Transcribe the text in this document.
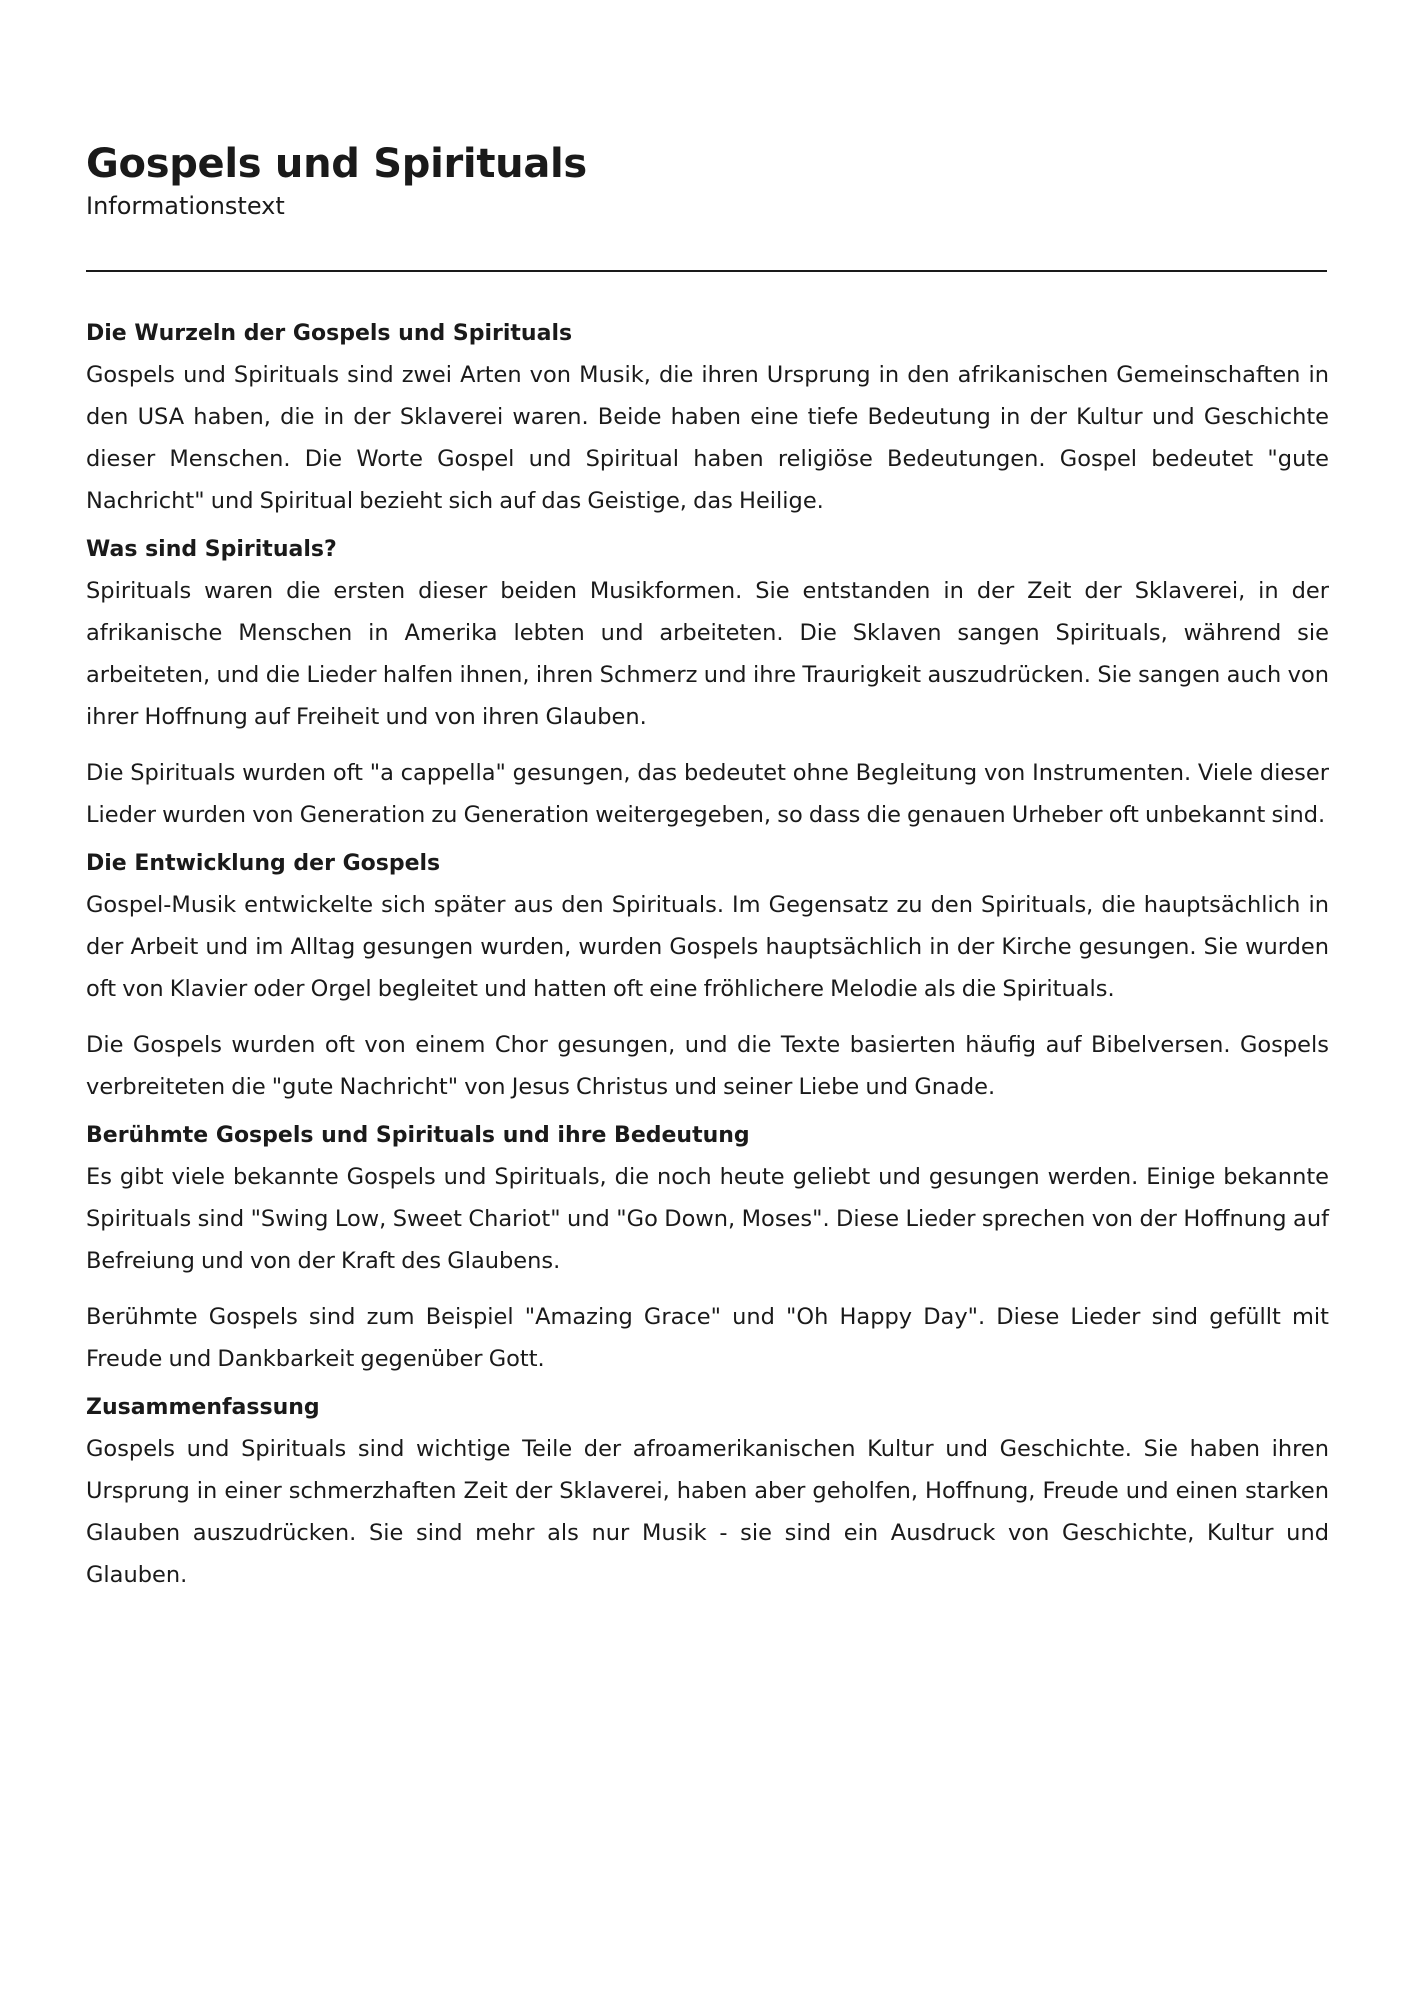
Gospels und Spirituals

Informationstext

Die Wurzeln der Gospels und Spirituals

Gospels und Spirituals sind zwei Arten von Musik, die ihren Ursprung in den afrikanischen Gemeinschaften in den USA haben, die in der Sklaverei waren. Beide haben eine tiefe Bedeutung in der Kultur und Geschichte dieser Menschen. Die Worte Gospel und Spiritual haben religiöse Bedeutungen. Gospel bedeutet "gute Nachricht" und Spiritual bezieht sich auf das Geistige, das Heilige.

Was sind Spirituals?

Spirituals waren die ersten dieser beiden Musikformen. Sie entstanden in der Zeit der Sklaverei, in der afrikanische Menschen in Amerika lebten und arbeiteten. Die Sklaven sangen Spirituals, während sie arbeiteten, und die Lieder halfen ihnen, ihren Schmerz und ihre Traurigkeit auszudrücken. Sie sangen auch von ihrer Hoffnung auf Freiheit und von ihren Glauben.

Die Spirituals wurden oft "a cappella" gesungen, das bedeutet ohne Begleitung von Instrumenten. Viele dieser Lieder wurden von Generation zu Generation weitergegeben, so dass die genauen Urheber oft unbekannt sind.

Die Entwicklung der Gospels

Gospel-Musik entwickelte sich später aus den Spirituals. Im Gegensatz zu den Spirituals, die hauptsächlich in der Arbeit und im Alltag gesungen wurden, wurden Gospels hauptsächlich in der Kirche gesungen. Sie wurden oft von Klavier oder Orgel begleitet und hatten oft eine fröhlichere Melodie als die Spirituals.

Die Gospels wurden oft von einem Chor gesungen, und die Texte basierten häufig auf Bibelversen. Gospels verbreiteten die "gute Nachricht" von Jesus Christus und seiner Liebe und Gnade.

Berühmte Gospels und Spirituals und ihre Bedeutung

Es gibt viele bekannte Gospels und Spirituals, die noch heute geliebt und gesungen werden. Einige bekannte Spirituals sind "Swing Low, Sweet Chariot" und "Go Down, Moses". Diese Lieder sprechen von der Hoffnung auf Befreiung und von der Kraft des Glaubens.

Berühmte Gospels sind zum Beispiel "Amazing Grace" und "Oh Happy Day". Diese Lieder sind gefüllt mit Freude und Dankbarkeit gegenüber Gott.

Zusammenfassung

Gospels und Spirituals sind wichtige Teile der afroamerikanischen Kultur und Geschichte. Sie haben ihren Ursprung in einer schmerzhaften Zeit der Sklaverei, haben aber geholfen, Hoffnung, Freude und einen starken Glauben auszudrücken. Sie sind mehr als nur Musik - sie sind ein Ausdruck von Geschichte, Kultur und Glauben.
